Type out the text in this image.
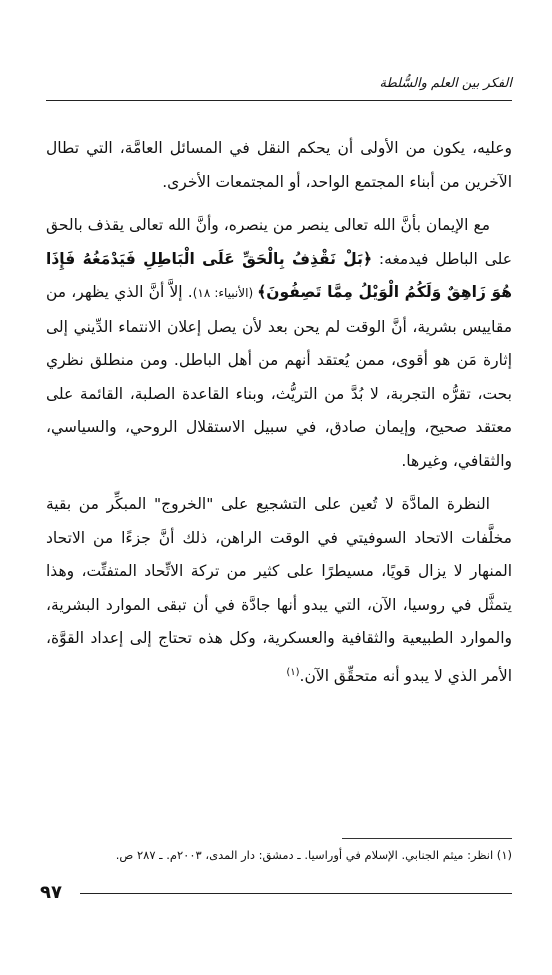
الفكر بين العلم والسُّلطة

وعليه، يكون من الأولى أن يحكم النقل في المسائل العامَّة، التي تطال الآخرين من أبناء المجتمع الواحد، أو المجتمعات الأخرى.

مع الإيمان بأنَّ الله تعالى ينصر من ينصره، وأنَّ الله تعالى يقذف بالحق على الباطل فيدمغه: ﴿بَلْ نَقْذِفُ بِالْحَقِّ عَلَى الْبَاطِلِ فَيَدْمَغُهُ فَإِذَا هُوَ زَاهِقٌ وَلَكُمُ الْوَيْلُ مِمَّا تَصِفُونَ﴾ (الأنبياء: ١٨). إلاَّ أنَّ الذي يظهر، من مقاييس بشرية، أنَّ الوقت لم يحن بعد لأن يصل إعلان الانتماء الدِّيني إلى إثارة مَن هو أقوى، ممن يُعتقد أنهم من أهل الباطل. ومن منطلق نظري بحت، تقرُّه التجربة، لا بُدَّ من التريُّث، وبناء القاعدة الصلبة، القائمة على معتقد صحيح، وإيمان صادق، في سبيل الاستقلال الروحي، والسياسي، والثقافي، وغيرها.

النظرة المادَّة لا تُعين على التشجيع على "الخروج" المبكِّر من بقية مخلَّفات الاتحاد السوفيتي في الوقت الراهن، ذلك أنَّ جزءًا من الاتحاد المنهار لا يزال قويًا، مسيطرًا على كثير من تركة الاتِّحاد المتفتِّت، وهذا يتمثَّل في روسيا، الآن، التي يبدو أنها جادَّة في أن تبقى الموارد البشرية، والموارد الطبيعية والثقافية والعسكرية، وكل هذه تحتاج إلى إعداد القوَّة، الأمر الذي لا يبدو أنه متحقِّق الآن.$^{(١)}$

(١) انظر: ميثم الجنابي. الإسلام في أوراسيا. ـ دمشق: دار المدى، ٢٠٠٣م. ـ ٢٨٧ ص.
٩٧
